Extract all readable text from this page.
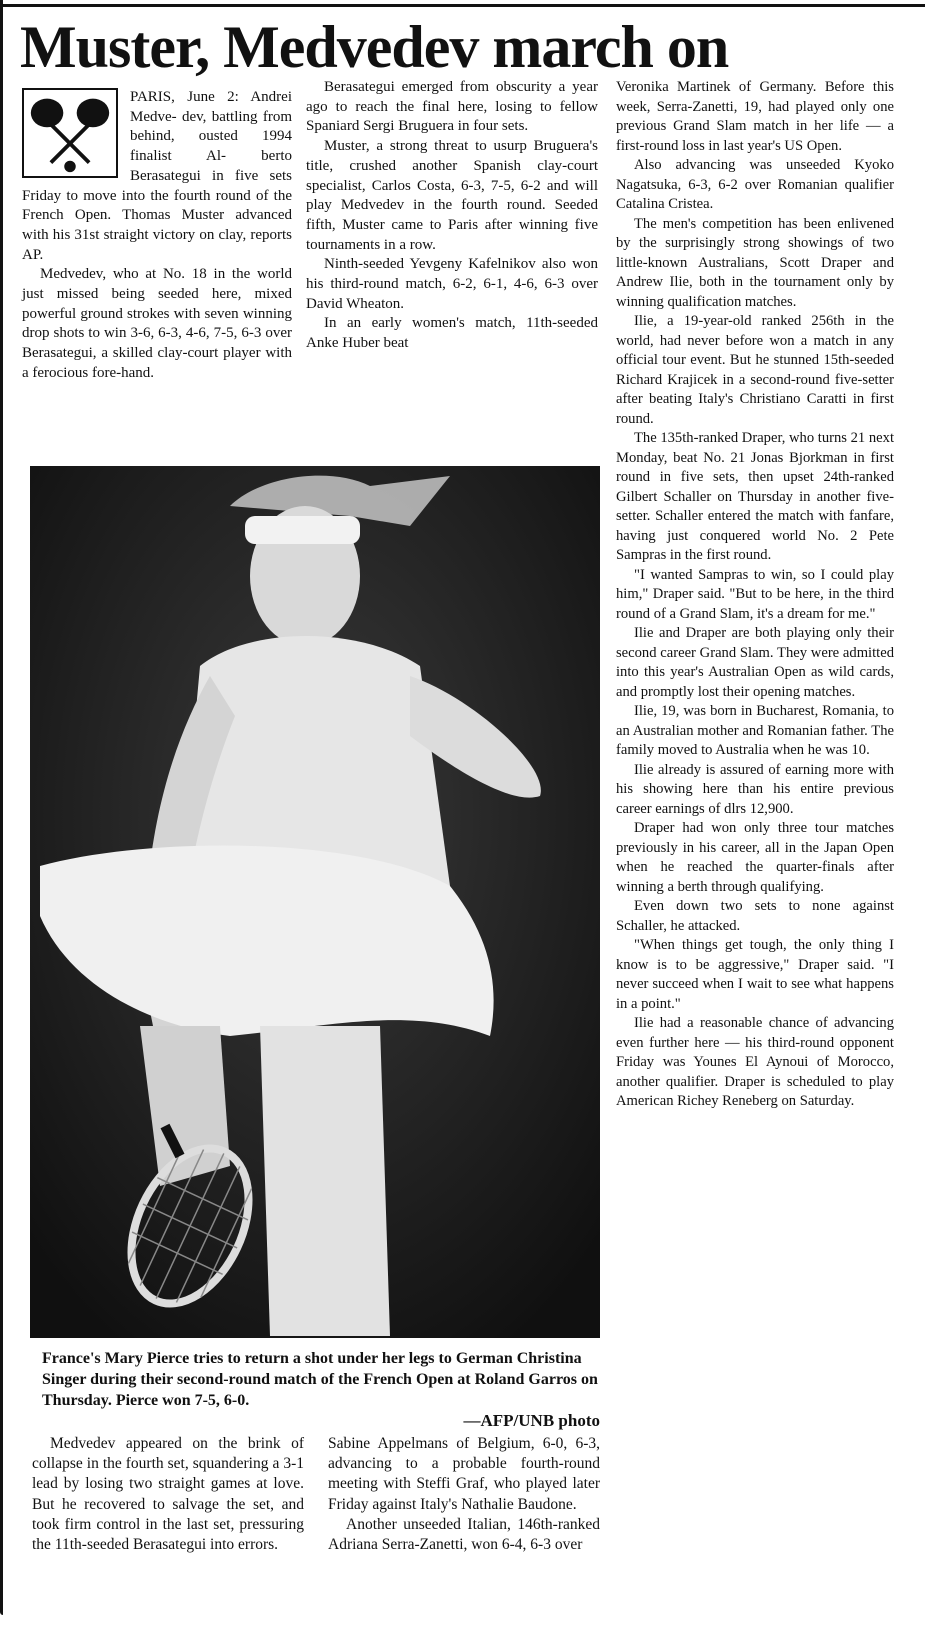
Muster, Medvedev march on

PARIS, June 2: Andrei Medve- dev, battling from behind, ousted 1994 finalist Al- berto Berasategui in five sets Friday to move into the fourth round of the French Open. Thomas Muster advanced with his 31st straight victory on clay, reports AP.

Medvedev, who at No. 18 in the world just missed being seeded here, mixed powerful ground strokes with seven winning drop shots to win 3-6, 6-3, 4-6, 7-5, 6-3 over Berasategui, a skilled clay-court player with a ferocious fore-hand.

Berasategui emerged from obscurity a year ago to reach the final here, losing to fellow Spaniard Sergi Bruguera in four sets.

Muster, a strong threat to usurp Bruguera's title, crushed another Spanish clay-court specialist, Carlos Costa, 6-3, 7-5, 6-2 and will play Medvedev in the fourth round. Seeded fifth, Muster came to Paris after winning five tournaments in a row.

Ninth-seeded Yevgeny Kafelnikov also won his third-round match, 6-2, 6-1, 4-6, 6-3 over David Wheaton.

In an early women's match, 11th-seeded Anke Huber beat

Veronika Martinek of Germany. Before this week, Serra-Zanetti, 19, had played only one previous Grand Slam match in her life — a first-round loss in last year's US Open.

Also advancing was unseeded Kyoko Nagatsuka, 6-3, 6-2 over Romanian qualifier Catalina Cristea.

The men's competition has been enlivened by the surprisingly strong showings of two little-known Australians, Scott Draper and Andrew Ilie, both in the tournament only by winning qualification matches.

Ilie, a 19-year-old ranked 256th in the world, had never before won a match in any official tour event. But he stunned 15th-seeded Richard Krajicek in a second-round five-setter after beating Italy's Christiano Caratti in first round.

The 135th-ranked Draper, who turns 21 next Monday, beat No. 21 Jonas Bjorkman in first round in five sets, then upset 24th-ranked Gilbert Schaller on Thursday in another five-setter. Schaller entered the match with fanfare, having just conquered world No. 2 Pete Sampras in the first round.

"I wanted Sampras to win, so I could play him," Draper said. "But to be here, in the third round of a Grand Slam, it's a dream for me."

Ilie and Draper are both playing only their second career Grand Slam. They were admitted into this year's Australian Open as wild cards, and promptly lost their opening matches.

Ilie, 19, was born in Bucharest, Romania, to an Australian mother and Romanian father. The family moved to Australia when he was 10.

Ilie already is assured of earning more with his showing here than his entire previous career earnings of dlrs 12,900.

Draper had won only three tour matches previously in his career, all in the Japan Open when he reached the quarter-finals after winning a berth through qualifying.

Even down two sets to none against Schaller, he attacked.

"When things get tough, the only thing I know is to be aggressive," Draper said. "I never succeed when I wait to see what happens in a point."

Ilie had a reasonable chance of advancing even further here — his third-round opponent Friday was Younes El Aynoui of Morocco, another qualifier. Draper is scheduled to play American Richey Reneberg on Saturday.

France's Mary Pierce tries to return a shot under her legs to German Christina Singer during their second-round match of the French Open at Roland Garros on Thursday. Pierce won 7-5, 6-0.
—AFP/UNB photo

Medvedev appeared on the brink of collapse in the fourth set, squandering a 3-1 lead by losing two straight games at love. But he recovered to salvage the set, and took firm control in the last set, pressuring the 11th-seeded Berasategui into errors.

Sabine Appelmans of Belgium, 6-0, 6-3, advancing to a probable fourth-round meeting with Steffi Graf, who played later Friday against Italy's Nathalie Baudone.

Another unseeded Italian, 146th-ranked Adriana Serra-Zanetti, won 6-4, 6-3 over
